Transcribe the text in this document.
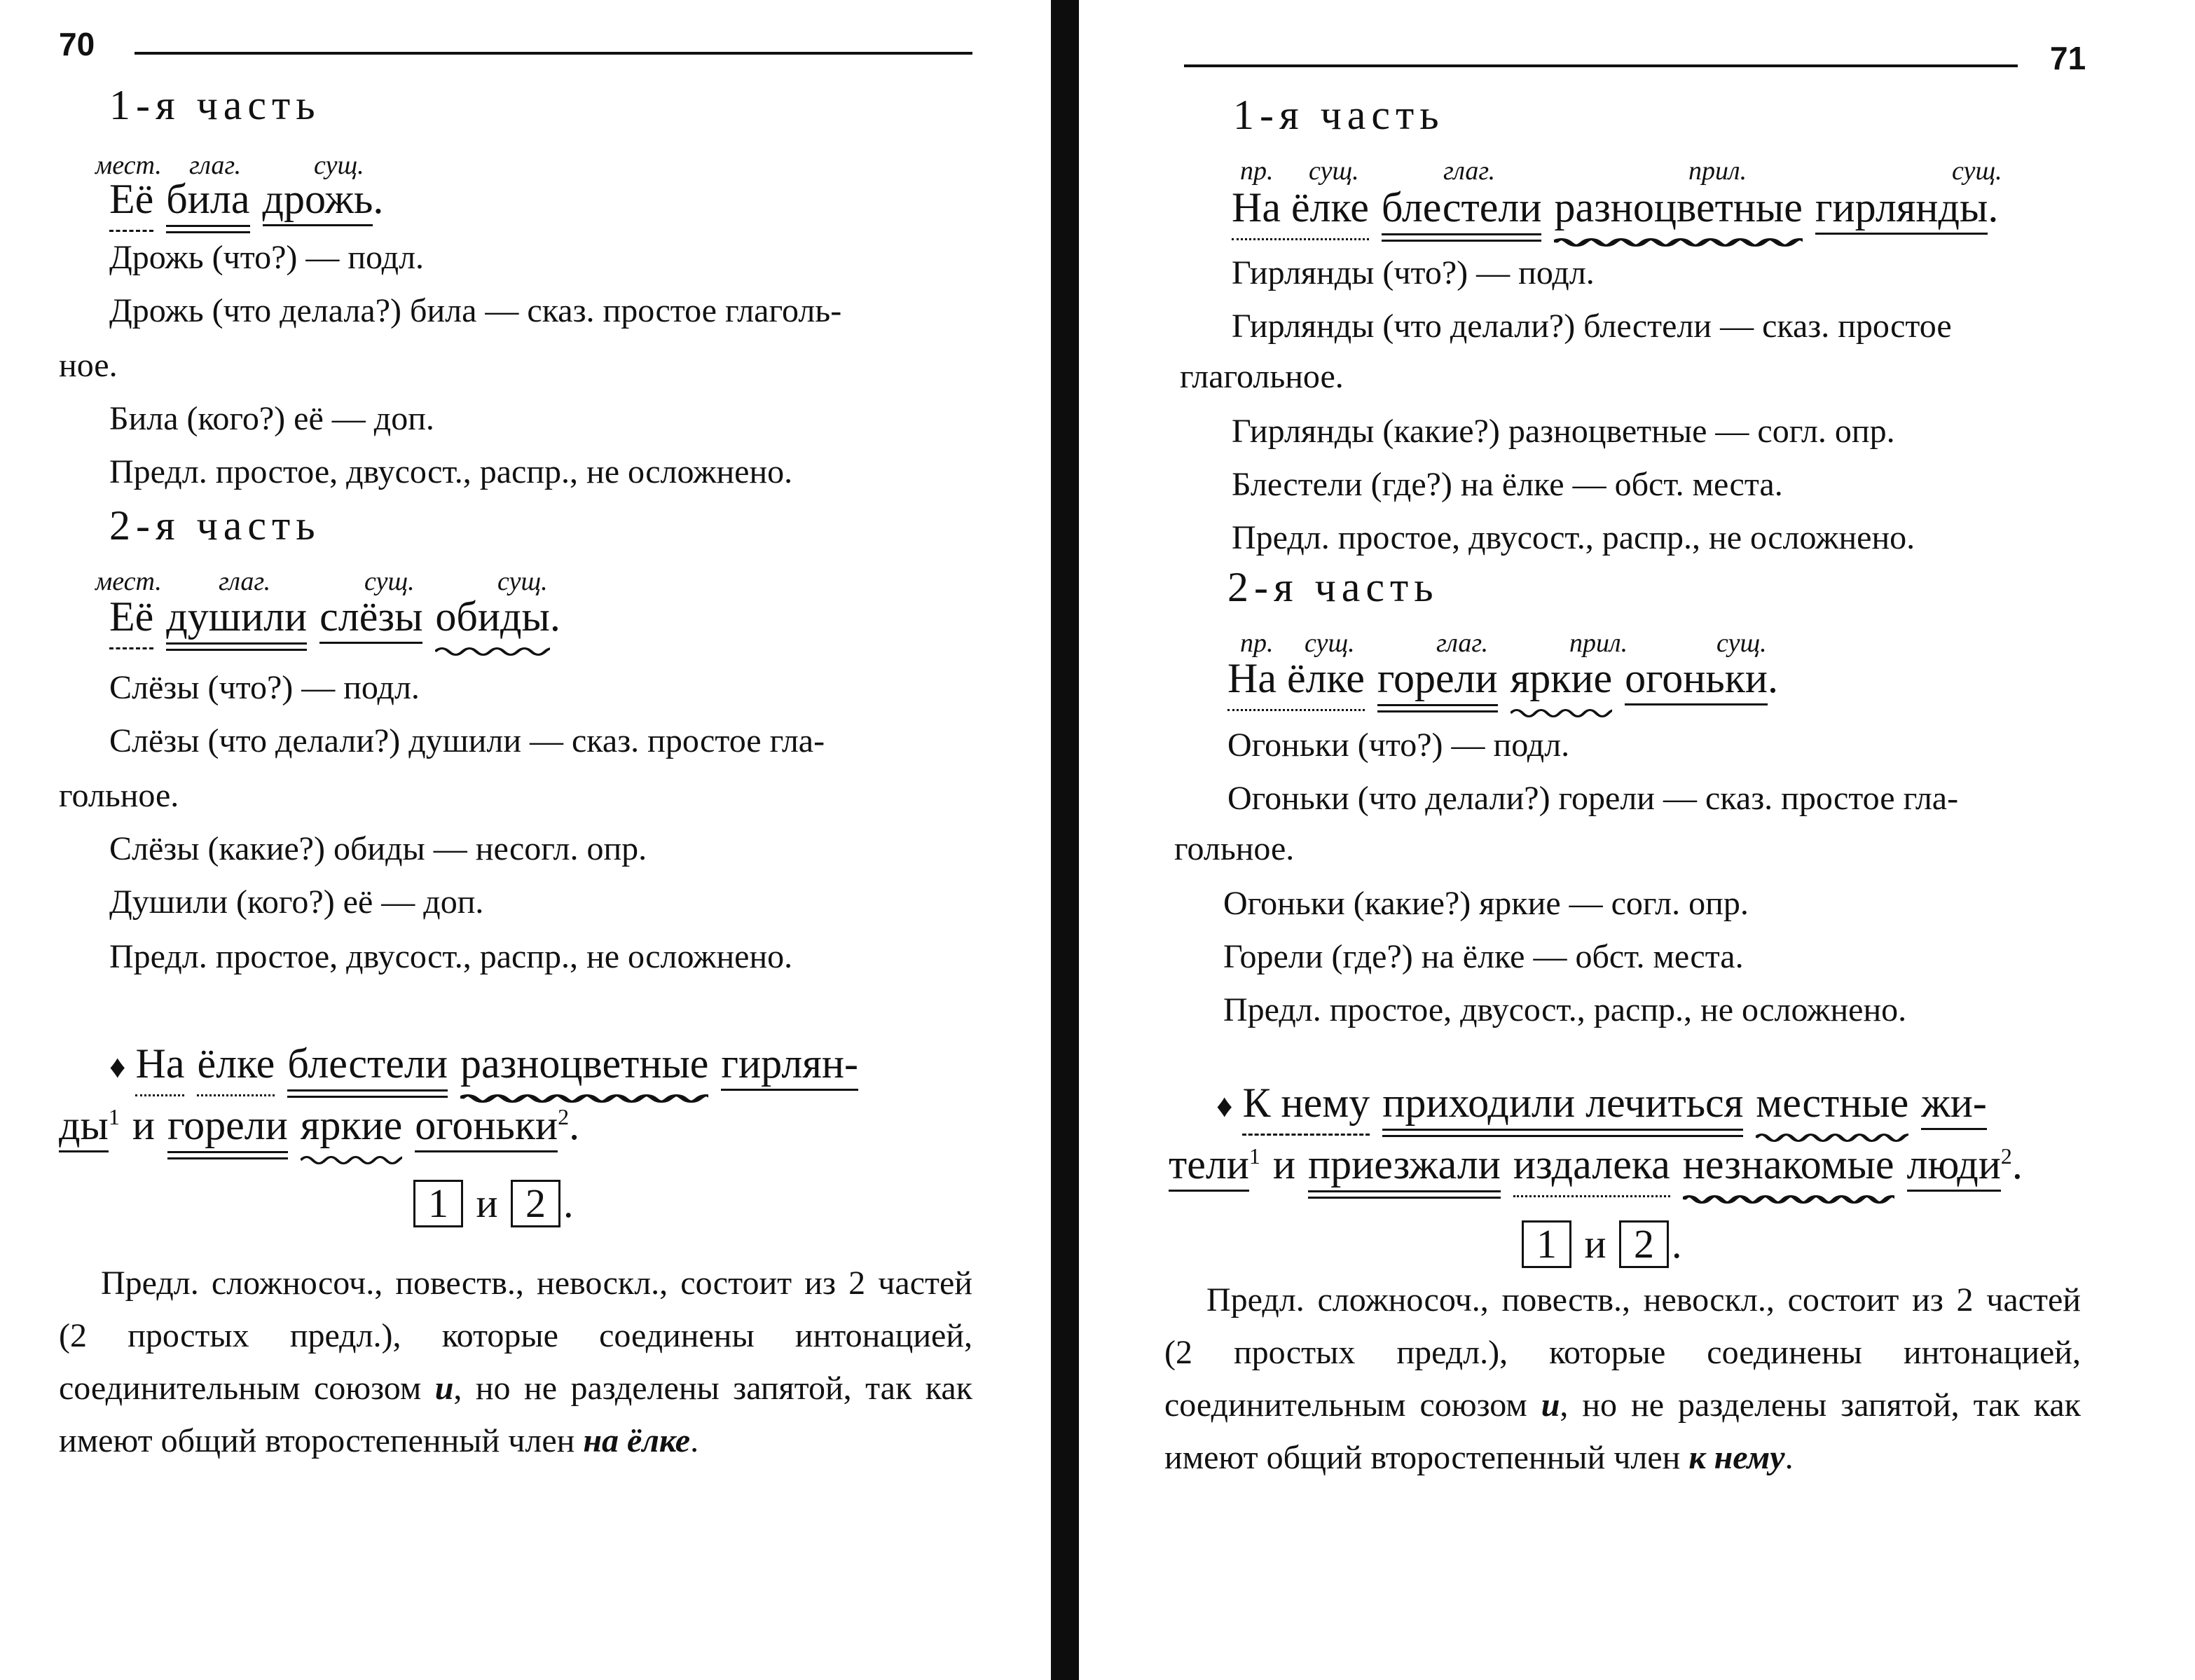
70
1-я часть
мест. глаг.	сущ.
Её била дрожь
.
Дрожь (что?) — подл.
Дрожь (что делала?) била — сказ. простое глаголь-
ное.
Била (кого?) её — доп.
Предл. простое, двусост., распр., не осложнено.
2-я часть
мест. глаг.	сущ.	сущ.
Её душили слёзы обиды
.
Слёзы (что?) — подл.
Слёзы (что делали?) душили — сказ. простое гла-
гольное.
Слёзы (какие?) обиды — несогл. опр.
Душили (кого?) её — доп.
Предл. простое, двусост., распр., не осложнено.
♦ На ёлке блестели разноцветные гирлян-
ды
$^1$ и горели яркие огоньки
$^2$.
1 и 2 .
Предл. сложносоч., повеств., невоскл., состоит из 2 частей (2 простых предл.), которые соединены интонацией, соединительным союзом и, но не разделены запятой, так как имеют общий второстепенный член на ёлке.
71
1-я часть
пр. сущ.	глаг.	прил.	сущ.
На ёлке блестели разноцветные гирлянды
.
Гирлянды (что?) — подл.
Гирлянды (что делали?) блестели — сказ. простое
глагольное.
Гирлянды (какие?) разноцветные — согл. опр.
Блестели (где?) на ёлке — обст. места.
Предл. простое, двусост., распр., не осложнено.
2-я часть
пр. сущ.	глаг.	прил.	сущ.
На ёлке горели яркие огоньки
.
Огоньки (что?) — подл.
Огоньки (что делали?) горели — сказ. простое гла-
гольное.
Огоньки (какие?) яркие — согл. опр.
Горели (где?) на ёлке — обст. места.
Предл. простое, двусост., распр., не осложнено.
♦ К нему приходили лечиться местные жи-
тели
$^1$ и приезжали издалека незнакомые люди
$^2$.
1 и 2 .
Предл. сложносоч., повеств., невоскл., состоит из 2 частей (2 простых предл.), которые соединены интонацией, соединительным союзом и, но не разделены запятой, так как имеют общий второстепенный член к нему.
